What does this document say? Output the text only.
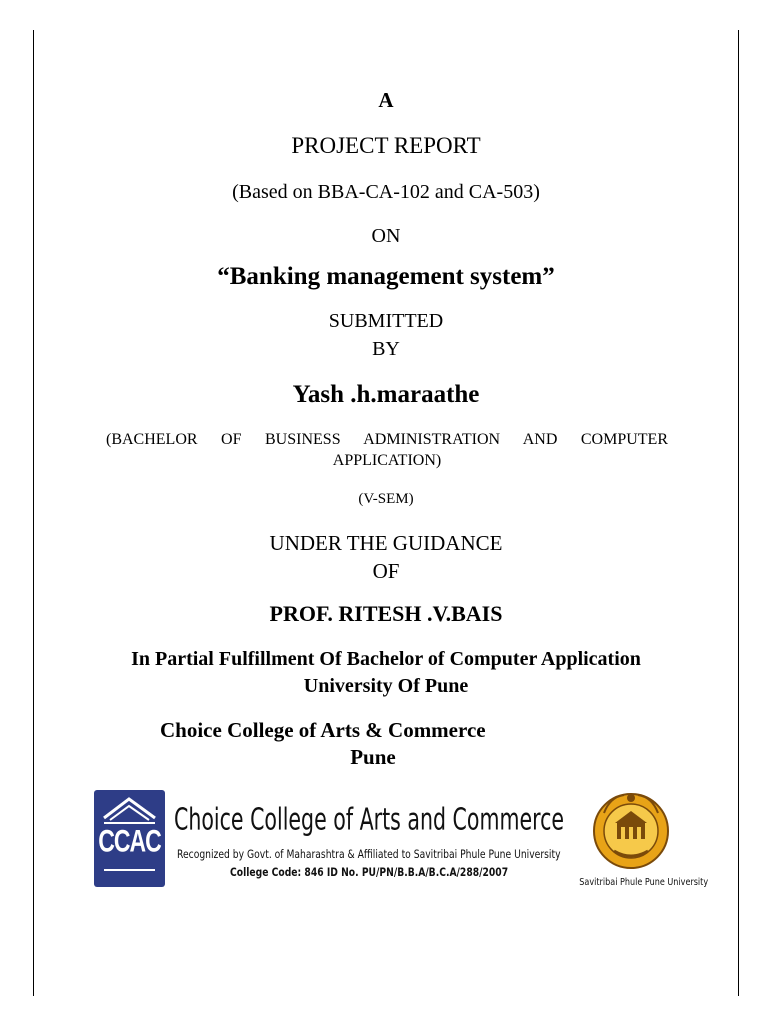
A
PROJECT REPORT
(Based on BBA-CA-102 and CA-503)
ON
“Banking management system”
SUBMITTED
BY
Yash .h.maraathe
(BACHELOR OF BUSINESS ADMINISTRATION AND COMPUTER
APPLICATION)
(V-SEM)
UNDER THE GUIDANCE
OF
PROF. RITESH .V.BAIS
In Partial Fulfillment Of Bachelor of Computer Application
University Of Pune
Choice College of Arts & Commerce
Pune
CCAC
Choice College of Arts and Commerce
Recognized by Govt. of Maharashtra & Affiliated to Savitribai Phule Pune University
College Code: 846 ID No. PU/PN/B.B.A/B.C.A/288/2007
Savitribai Phule Pune University
